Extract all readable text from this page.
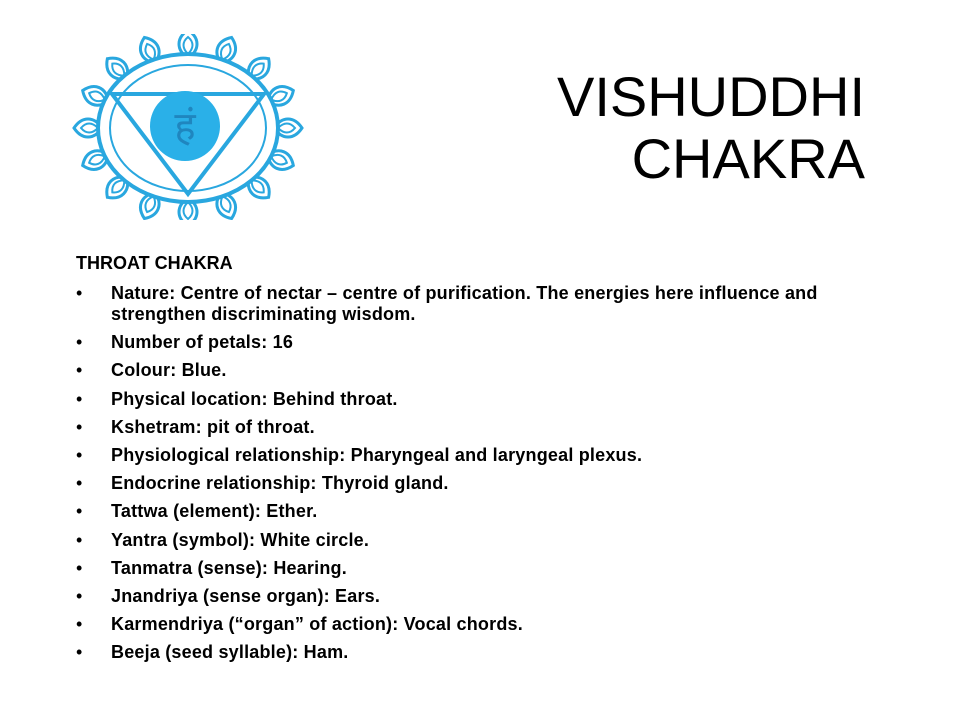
हं	VISHUDDHI
CHAKRA
THROAT CHAKRA
• Nature: Centre of nectar – centre of purification. The energies here influence and strengthen discriminating wisdom.
• Number of petals: 16
• Colour: Blue.
• Physical location: Behind throat.
• Kshetram: pit of throat.
• Physiological relationship: Pharyngeal and laryngeal plexus.
• Endocrine relationship: Thyroid gland.
• Tattwa (element): Ether.
• Yantra (symbol): White circle.
• Tanmatra (sense): Hearing.
• Jnandriya (sense organ): Ears.
• Karmendriya (“organ” of action): Vocal chords.
• Beeja (seed syllable): Ham.
